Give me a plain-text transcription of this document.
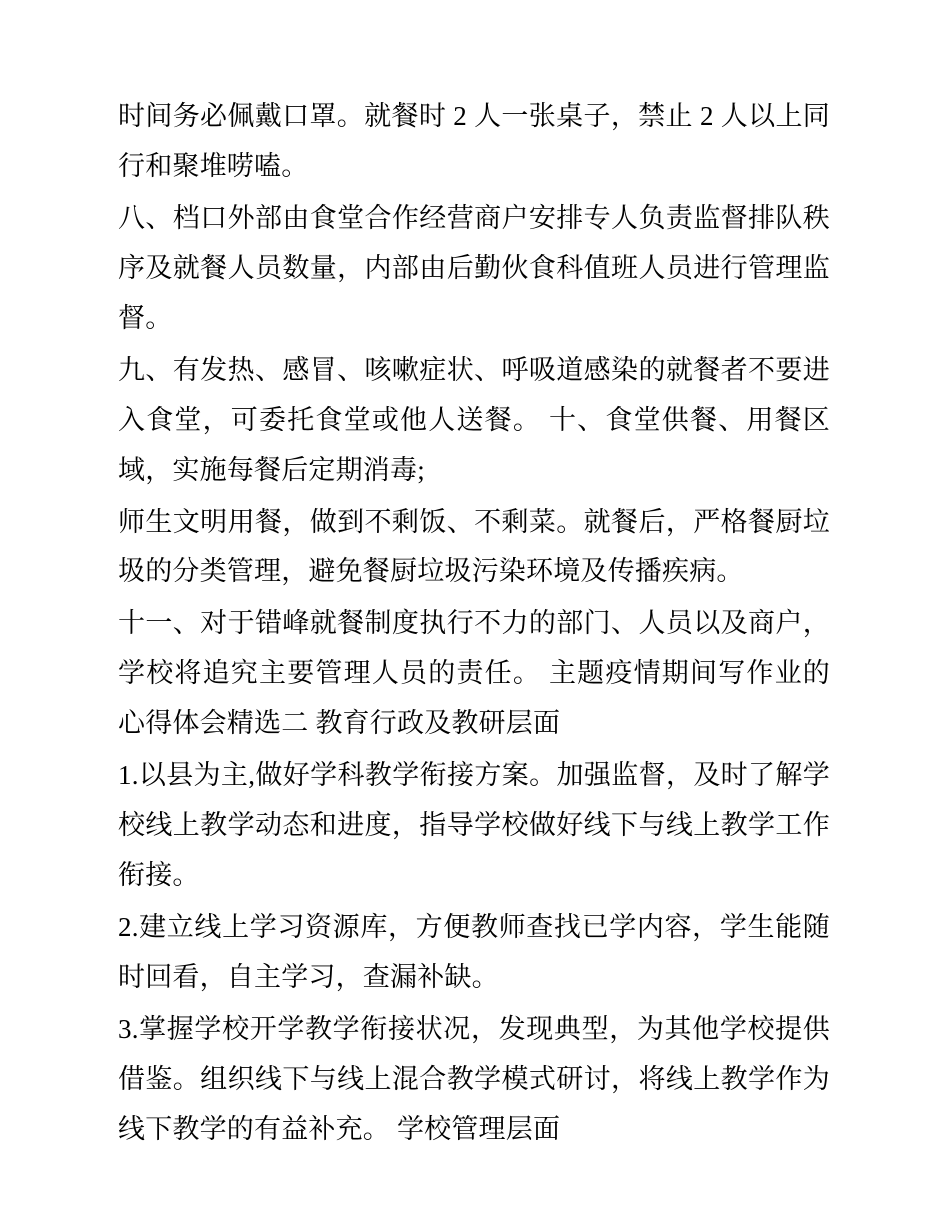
时间务必佩戴口罩。就餐时 2 人一张桌子，禁止 2 人以上同行和聚堆唠嗑。

八、档口外部由食堂合作经营商户安排专人负责监督排队秩序及就餐人员数量，内部由后勤伙食科值班人员进行管理监督。

九、有发热、感冒、咳嗽症状、呼吸道感染的就餐者不要进入食堂，可委托食堂或他人送餐。 十、食堂供餐、用餐区域，实施每餐后定期消毒;

师生文明用餐，做到不剩饭、不剩菜。就餐后，严格餐厨垃圾的分类管理，避免餐厨垃圾污染环境及传播疾病。

十一、对于错峰就餐制度执行不力的部门、人员以及商户，学校将追究主要管理人员的责任。 主题疫情期间写作业的心得体会精选二 教育行政及教研层面

1.以县为主,做好学科教学衔接方案。加强监督，及时了解学校线上教学动态和进度，指导学校做好线下与线上教学工作衔接。

2.建立线上学习资源库，方便教师查找已学内容，学生能随时回看，自主学习，查漏补缺。

3.掌握学校开学教学衔接状况，发现典型，为其他学校提供借鉴。组织线下与线上混合教学模式研讨，将线上教学作为线下教学的有益补充。 学校管理层面
